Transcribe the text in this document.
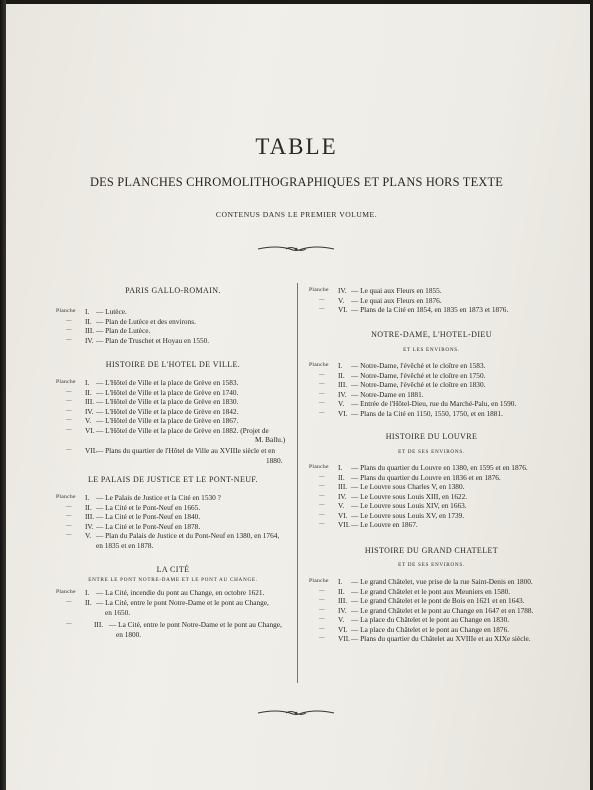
TABLE
DES PLANCHES CHROMOLITHOGRAPHIQUES ET PLANS HORS TEXTE
CONTENUS DANS LE PREMIER VOLUME.
PARIS GALLO-ROMAIN.
Planche I. — Lutèce.
— II. — Plan de Lutèce et des environs.
— III. — Plan de Lutèce.
— IV. — Plan de Truschet et Hoyau en 1550.
HISTOIRE DE L'HOTEL DE VILLE.
Planche I. — L'Hôtel de Ville et la place de Grève en 1583.
— II. — L'Hôtel de Ville et la place de Grève en 1740.
— III. — L'Hôtel de Ville et la place de Grève en 1830.
— IV. — L'Hôtel de Ville et la place de Grève en 1842.
— V. — L'Hôtel de Ville et la place de Grève en 1867.
— VI. — L'Hôtel de Ville et la place de Grève en 1882. (Projet de
M. Ballu.)
— VII. — Plans du quartier de l'Hôtel de Ville au XVIIIe siècle et en
1880.
LE PALAIS DE JUSTICE ET LE PONT-NEUF.
Planche I. — Le Palais de Justice et la Cité en 1530 ?
— II. — La Cité et le Pont-Neuf en 1665.
— III. — La Cité et le Pont-Neuf en 1840.
— IV. — La Cité et le Pont-Neuf en 1878.
— V. — Plan du Palais de Justice et du Pont-Neuf en 1380, en 1764,
en 1835 et en 1878.
LA CITÉ
ENTRE LE PONT NOTRE-DAME ET LE PONT AU CHANGE.
Planche I. — La Cité, incendie du pont au Change, en octobre 1621.
— II. — La Cité, entre le pont Notre-Dame et le pont au Change,
en 1650.
—	III. — La Cité, entre le pont Notre-Dame et le pont au Change,
en 1800.
Planche IV. — Le quai aux Fleurs en 1855.
— V. — Le quai aux Fleurs en 1876.
— VI. — Plans de la Cité en 1854, en 1835 en 1873 et 1876.
NOTRE-DAME, L'HOTEL-DIEU
ET LES ENVIRONS.
Planche I. — Notre-Dame, l'évêché et le cloître en 1583.
— II. — Notre-Dame, l'évêché et le cloître en 1750.
— III. — Notre-Dame, l'évêché et le cloître en 1830.
— IV. — Notre-Dame en 1881.
— V. — Entrée de l'Hôtel-Dieu, rue du Marché-Palu, en 1590.
— VI. — Plans de la Cité en 1150, 1550, 1750, et en 1881.
HISTOIRE DU LOUVRE
ET DE SES ENVIRONS.
Planche I. — Plans du quartier du Louvre en 1380, en 1595 et en 1876.
— II. — Plans du quartier du Louvre en 1836 et en 1876.
— III. — Le Louvre sous Charles V, en 1380.
— IV. — Le Louvre sous Louis XIII, en 1622.
— V. — Le Louvre sous Louis XIV, en 1663.
— VI. — Le Louvre sous Louis XV, en 1739.
— VII. — Le Louvre en 1867.
HISTOIRE DU GRAND CHATELET
ET DE SES ENVIRONS.
Planche I. — Le grand Châtelet, vue prise de la rue Saint-Denis en 1800.
— II. — Le grand Châtelet et le pont aux Meuniers en 1580.
— III. — Le grand Châtelet et le pont de Bois en 1621 et en 1643.
— IV. — Le grand Châtelet et le pont au Change en 1647 et en 1788.
— V. — La place du Châtelet et le pont au Change en 1830.
— VI. — La place du Châtelet et le pont au Change en 1876.
— VII. — Plans du quartier du Châtelet au XVIIIe et au XIXe siècle.
